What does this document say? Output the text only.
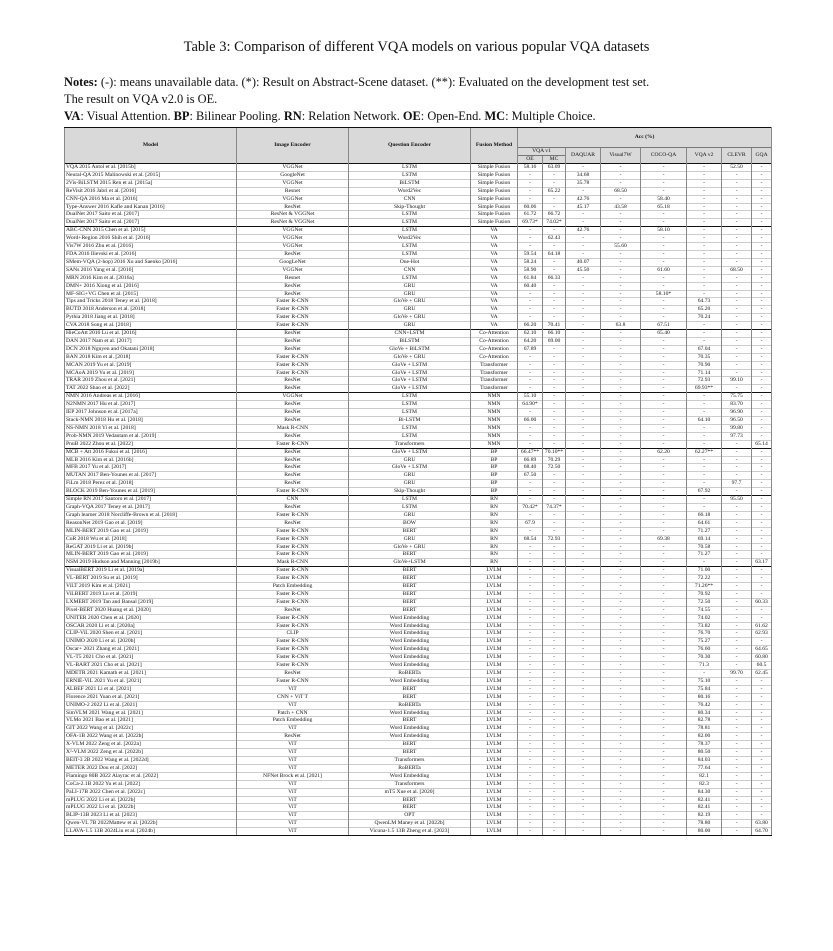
Table 3: Comparison of different VQA models on various popular VQA datasets

Notes: (-): means unavailable data. (*): Result on Abstract-Scene dataset. (**): Evaluated on the development test set.

The result on VQA v2.0 is OE.

VA: Visual Attention. BP: Bilinear Pooling. RN: Relation Network. OE: Open-End. MC: Multiple Choice.

Model	Image Encoder	Question Encoder	Fusion Method	Acc (%)							
				VQA v1		DAQUAR	Visual7W	COCO-QA	VQA v2	CLEVR	GQA
				OE	MC						
VQA 2015 Antol et al. [2015b]	VGGNet	LSTM	Simple Fusion	58.16	63.09	-	-	-	-	52.50	-
Neural-QA 2015 Malinowski et al. [2015]	GoogleNet	LSTM	Simple Fusion	-	-	34.68	-	-	-	-	-
2Vis-BiLSTM 2015 Ren et al. [2015a]	VGGNet	BiLSTM	Simple Fusion	-	-	35.78	-	-	-	-	-
ReVisit 2016 Jabri et al. [2016]	Resnet	Word2Vec	Simple Fusion	-	65.22	-	68.50	-	-	-	-
CNN-QA 2016 Ma et al. [2016]	VGGNet	CNN	Simple Fusion	-	-	42.76	-	58.40	-	-	-
Type-Answer 2016 Kafle and Kanan [2016]	ResNet	Skip-Thought	Simple Fusion	60.06	-	45.17	43.58	65.18	-	-	-
DualNet 2017 Saito et al. [2017]	ResNet & VGGNet	LSTM	Simple Fusion	61.72	66.72	-	-	-	-	-	-
DualNet 2017 Saito et al. [2017]	ResNet & VGGNet	LSTM	Simple Fusion	69.73*	74.02*	-	-	-	-	-	-
ABC-CNN 2015 Chen et al. [2015]	VGGNet	LSTM	VA	-	-	42.76	-	58.10	-	-	-
Word+Region 2016 Shih et al. [2016]	VGGNet	Word2Vec	VA	-	62.43	-	-	-	-	-	-
Vis7W 2016 Zhu et al. [2016]	VGGNet	LSTM	VA	-	-	-	55.60	-	-	-	-
FDA 2016 Ilievski et al. [2016]	ResNet	LSTM	VA	59.54	64.18	-	-	-	-	-	-
SMem-VQA (2-hop) 2016 Xu and Saenko [2016]	GoogLeNet	One-Hot	VA	58.24	-	40.07	-	-	-	-	-
SANs 2016 Yang et al. [2016]	VGGNet	CNN	VA	58.90	-	45.50	-	61.60	-	68.50	-
MRN 2016 Kim et al. [2016a]	Resnet	LSTM	VA	61.84	66.33	-	-	-	-	-	-
DMN+ 2016 Xiong et al. [2016]	ResNet	GRU	VA	60.40	-	-	-	-	-	-	-
MF-SIG+VG Chen et al. [2015]	ResNet	GRU	VA	-	-	-	-	58.10*	-	-	-
Tips and Tricks 2018 Teney et al. [2018]	Faster R-CNN	GloVe + GRU	VA	-	-	-	-	-	64.73	-	-
BUTD 2018 Anderson et al. [2018]	Faster R-CNN	GRU	VA	-	-	-	-	-	65.20	-	-
Pythia 2018 Jiang et al. [2018]	Faster R-CNN	GloVe + GRU	VA	-	-	-	-	-	70.24	-	-
CVA 2018 Song et al. [2018]	Faster R-CNN	GRU	VA	66.20	70.41	-	63.8	67.51	-	-	-
HieCoAtt 2016 Lu et al. [2016]	ResNet	CNN+LSTM	Co-Attention	62.10	66.10	-	-	65.40	-	-	-
DAN 2017 Nam et al. [2017]	ResNet	BiLSTM	Co-Attention	64.20	69.00	-	-	-	-	-	-
DCN 2018 Nguyen and Okatani [2018]	ResNet	GloVe + BiLSTM	Co-Attention	67.89	-	-	-	-	67.04	-	-
BAN 2018 Kim et al. [2018]	Faster R-CNN	GloVe + GRU	Co-Attention	-	-	-	-	-	70.35	-	-
MCAN 2019 Yu et al. [2019]	Faster R-CNN	GloVe + LSTM	Transformer	-	-	-	-	-	70.90	-	-
MCAoA 2019 Yu et al. [2019]	Faster R-CNN	GloVe + LSTM	Transformer	-	-	-	-	-	71.14	-	-
TRAR 2019 Zhou et al. [2021]	ResNet	GloVe + LSTM	Transformer	-	-	-	-	-	72.93	99.10	-
TAT 2022 Shao et al. [2022]	ResNet	GloVe + LSTM	Transformer	-	-	-	-	-	69.93**	-	-
NMN 2016 Andreas et al. [2016]	VGGNet	LSTM	NMN	55.10	-	-	-	-	-	75.75	-
N2NMN 2017 Hu et al. [2017]	ResNet	LSTM	NMN	64.90*	-	-	-	-	-	83.70	-
IEP 2017 Johnson et al. [2017a]	ResNet	LSTM	NMN	-	-	-	-	-	-	96.90	-
Stack-NMN 2018 Hu et al. [2018]	ResNet	Bi-LSTM	NMN	66.00	-	-	-	-	64.10	96.50	-
NS-NMN 2018 Yi et al. [2018]	Mask R-CNN	LSTM	NMN	-	-	-	-	-	-	99.80	-
Prob-NMN 2019 Vedantam et al. [2019]	ResNet	LSTM	NMN	-	-	-	-	-	-	97.73	-
PnuB 2022 Zhou et al. [2022]	Faster R-CNN	Transformers	NMN	-	-	-	-	-	-	-	65.14
MCB + Att 2016 Fukui et al. [2016]	ResNet	GloVe + LSTM	BP	66.47**	70.10**	-	-	62.20	62.27**	-	-
MLB 2016 Kim et al. [2016b]	ResNet	GRU	BP	66.89	70.29	-	-	-	-	-	-
MFB 2017 Yu et al. [2017]	ResNet	GloVe + LSTM	BP	68.40	72.50	-	-	-	-	-	-
MUTAN 2017 Ben-Younes et al. [2017]	ResNet	GRU	BP	67.50	-	-	-	-	-	-	-
FiLm 2018 Perez et al. [2018]	ResNet	GRU	BP	-	-	-	-	-	-	97.7	-
BLOCK 2019 Ben-Younes et al. [2019]	Faster R-CNN	Skip-Thought	BP	-	-	-	-	-	67.92	-	-
Simple RN 2017 Santoro et al. [2017]	CNN	LSTM	RN	-	-	-	-	-	-	95.50	-
Graph-VQA 2017 Teney et al. [2017]	ResNet	LSTM	RN	70.42*	74.37*	-	-	-	-	-	-
Graph learner 2018 Norcliffe-Brown et al. [2018]	Faster R-CNN	GRU	RN	-	-	-	-	-	66.18	-	-
ReasonNet 2019 Gao et al. [2019]	ResNet	BOW	RN	67.9	-	-	-	-	64.61	-	-
MLIN-BERT 2019 Gao et al. [2019]	Faster R-CNN	BERT	RN	-	-	-	-	-	71.27	-	-
CoR 2018 Wu et al. [2018]	Faster R-CNN	GRU	RN	68.54	72.93	-	-	69.38	69.14	-	-
ReGAT 2019 Li et al. [2019b]	Faster R-CNN	GloVe + GRU	RN	-	-	-	-	-	70.58	-	-
MLIN-BERT 2019 Gao et al. [2019]	Faster R-CNN	BERT	RN	-	-	-	-	-	71.27	-	-
NSM 2019 Hudson and Manning [2019b]	Mask R-CNN	GloVe+LSTM	RN	-	-	-	-	-	-	-	63.17
VisualBERT 2019 Li et al. [2019a]	Faster R-CNN	BERT	LVLM	-	-	-	-	-	71.00	-	-
VL-BERT 2019 Su et al. [2019]	Faster R-CNN	BERT	LVLM	-	-	-	-	-	72.22	-	-
ViLT 2019 Kim et al. [2021]	Patch Embedding	BERT	LVLM	-	-	-	-	-	71.26**	-	-
ViLBERT 2019 Lu et al. [2019]	Faster R-CNN	BERT	LVLM	-	-	-	-	-	70.92	-	-
LXMERT 2019 Tan and Bansal [2019]	Faster R-CNN	BERT	LVLM	-	-	-	-	-	72.50	-	60.33
Pixel-BERT 2020 Huang et al. [2020]	ResNet	BERT	LVLM	-	-	-	-	-	74.55	-	-
UNITER 2020 Chen et al. [2020]	Faster R-CNN	Word Embedding	LVLM	-	-	-	-	-	74.02	-	-
OSCAR 2020 Li et al. [2020a]	Faster R-CNN	Word Embedding	LVLM	-	-	-	-	-	73.82	-	61.62
CLIP-ViL 2020 Shen et al. [2021]	CLIP	Word Embedding	LVLM	-	-	-	-	-	76.70	-	62.93
UNIMO 2020 Li et al. [2020b]	Faster R-CNN	Word Embedding	LVLM	-	-	-	-	-	75.27	-	-
Oscar+ 2021 Zhang et al. [2021]	Faster R-CNN	Word Embedding	LVLM	-	-	-	-	-	76.60	-	64.65
VL-T5 2021 Cho et al. [2021]	Faster R-CNN	Word Embedding	LVLM	-	-	-	-	-	70.30	-	60.80
VL-BART 2021 Cho et al. [2021]	Faster R-CNN	Word Embedding	LVLM	-	-	-	-	-	71.3	-	60.5
MDETR 2021 Kamath et al. [2021]	ResNet	RoBERTa	LVLM	-	-	-	-	-	-	99.70	62.45
ERNIE-ViL 2021 Yu et al. [2021]	Faster R-CNN	Word Embedding	LVLM	-	-	-	-	-	75.10	-	-
ALBEF 2021 Li et al. [2021]	ViT	BERT	LVLM	-	-	-	-	-	75.84	-	-
Florence 2021 Yuan et al. [2021]	CNN + ViT T	BERT	LVLM	-	-	-	-	-	80.16	-	-
UNIMO-2 2022 Li et al. [2021]	ViT	RoBERTa	LVLM	-	-	-	-	-	76.42	-	-
SimVLM 2021 Wang et al. [2021]	Patch + CNN	Word Embedding	LVLM	-	-	-	-	-	80.34	-	-
VLMo 2021 Bao et al. [2021]	Patch Embedding	BERT	LVLM	-	-	-	-	-	82.78	-	-
GIT 2022 Wang et al. [2022c]	ViT	Word Embedding	LVLM	-	-	-	-	-	78.81	-	-
OFA-1B 2022 Wang et al. [2022b]	ResNet	Word Embedding	LVLM	-	-	-	-	-	82.00	-	-
X-VLM 2022 Zeng et al. [2022a]	ViT	BERT	LVLM	-	-	-	-	-	78.37	-	-
X²-VLM 2022 Zeng et al. [2022b]	ViT	BERT	LVLM	-	-	-	-	-	80.50	-	-
BEIT-3 2B 2022 Wang et al. [2022d]	ViT	Transformers	LVLM	-	-	-	-	-	84.03	-	-
METER 2022 Dou et al. [2022]	ViT	RoBERTa	LVLM	-	-	-	-	-	77.64	-	-
Flamingo 80B 2022 Alayrac et al. [2022]	NFNet Brock et al. [2021]	Word Embedding	LVLM	-	-	-	-	-	82.1	-	-
CoCa-2.1B 2022 Yu et al. [2022]	ViT	Transformers	LVLM	-	-	-	-	-	82.3	-	-
PaLI-17B 2022 Chen et al. [2022c]	ViT	mT5 Xue et al. [2020]	LVLM	-	-	-	-	-	84.30	-	-
mPLUG 2022 Li et al. [2022b]	ViT	BERT	LVLM	-	-	-	-	-	82.41	-	-
mPLUG 2022 Li et al. [2022b]	ViT	BERT	LVLM	-	-	-	-	-	82.41	-	-
BLIP-13B 2023 Li et al. [2023]	ViT	OPT	LVLM	-	-	-	-	-	82.19	-	-
Qwen-VL 7B 2022Mattew et al. [2022b]	ViT	QwenLM Maney et al. [2022b]	LVLM	-	-	-	-	-	78.80	-	63.80
LLAVA-1.5 13B 2024Liu et al. [2024b]	ViT	Vicuna-1.5 13B Zheng et al. [2023]	LVLM	-	-	-	-	-	80.00	-	64.70
